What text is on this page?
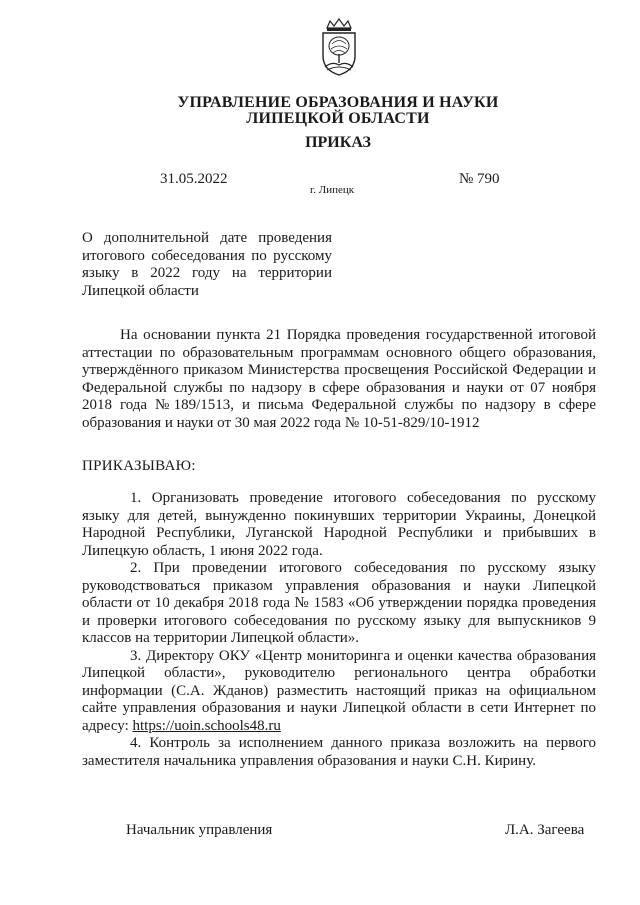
УПРАВЛЕНИЕ ОБРАЗОВАНИЯ И НАУКИ
ЛИПЕЦКОЙ ОБЛАСТИ
ПРИКАЗ
31.05.2022	№ 790
г. Липецк
О дополнительной дате проведения итогового собеседования по русскому языку в 2022 году на территории Липецкой области
На основании пункта 21 Порядка проведения государственной итоговой аттестации по образовательным программам основного общего образования, утверждённого приказом Министерства просвещения Российской Федерации и Федеральной службы по надзору в сфере образования и науки от 07 ноября 2018 года №189/1513, и письма Федеральной службы по надзору в сфере образования и науки от 30 мая 2022 года № 10-51-829/10-1912
ПРИКАЗЫВАЮ:

1. Организовать проведение итогового собеседования по русскому языку для детей, вынужденно покинувших территории Украины, Донецкой Народной Республики, Луганской Народной Республики и прибывших в Липецкую область, 1 июня 2022 года.

2. При проведении итогового собеседования по русскому языку руководствоваться приказом управления образования и науки Липецкой области от 10 декабря 2018 года № 1583 «Об утверждении порядка проведения и проверки итогового собеседования по русскому языку для выпускников 9 классов на территории Липецкой области».

3. Директору ОКУ «Центр мониторинга и оценки качества образования Липецкой области», руководителю регионального центра обработки информации (С.А. Жданов) разместить настоящий приказ на официальном сайте управления образования и науки Липецкой области в сети Интернет по адресу: https://uoin.schools48.ru

4. Контроль за исполнением данного приказа возложить на первого заместителя начальника управления образования и науки С.Н. Кирину.

Начальник управления	Л.А. Загеева
